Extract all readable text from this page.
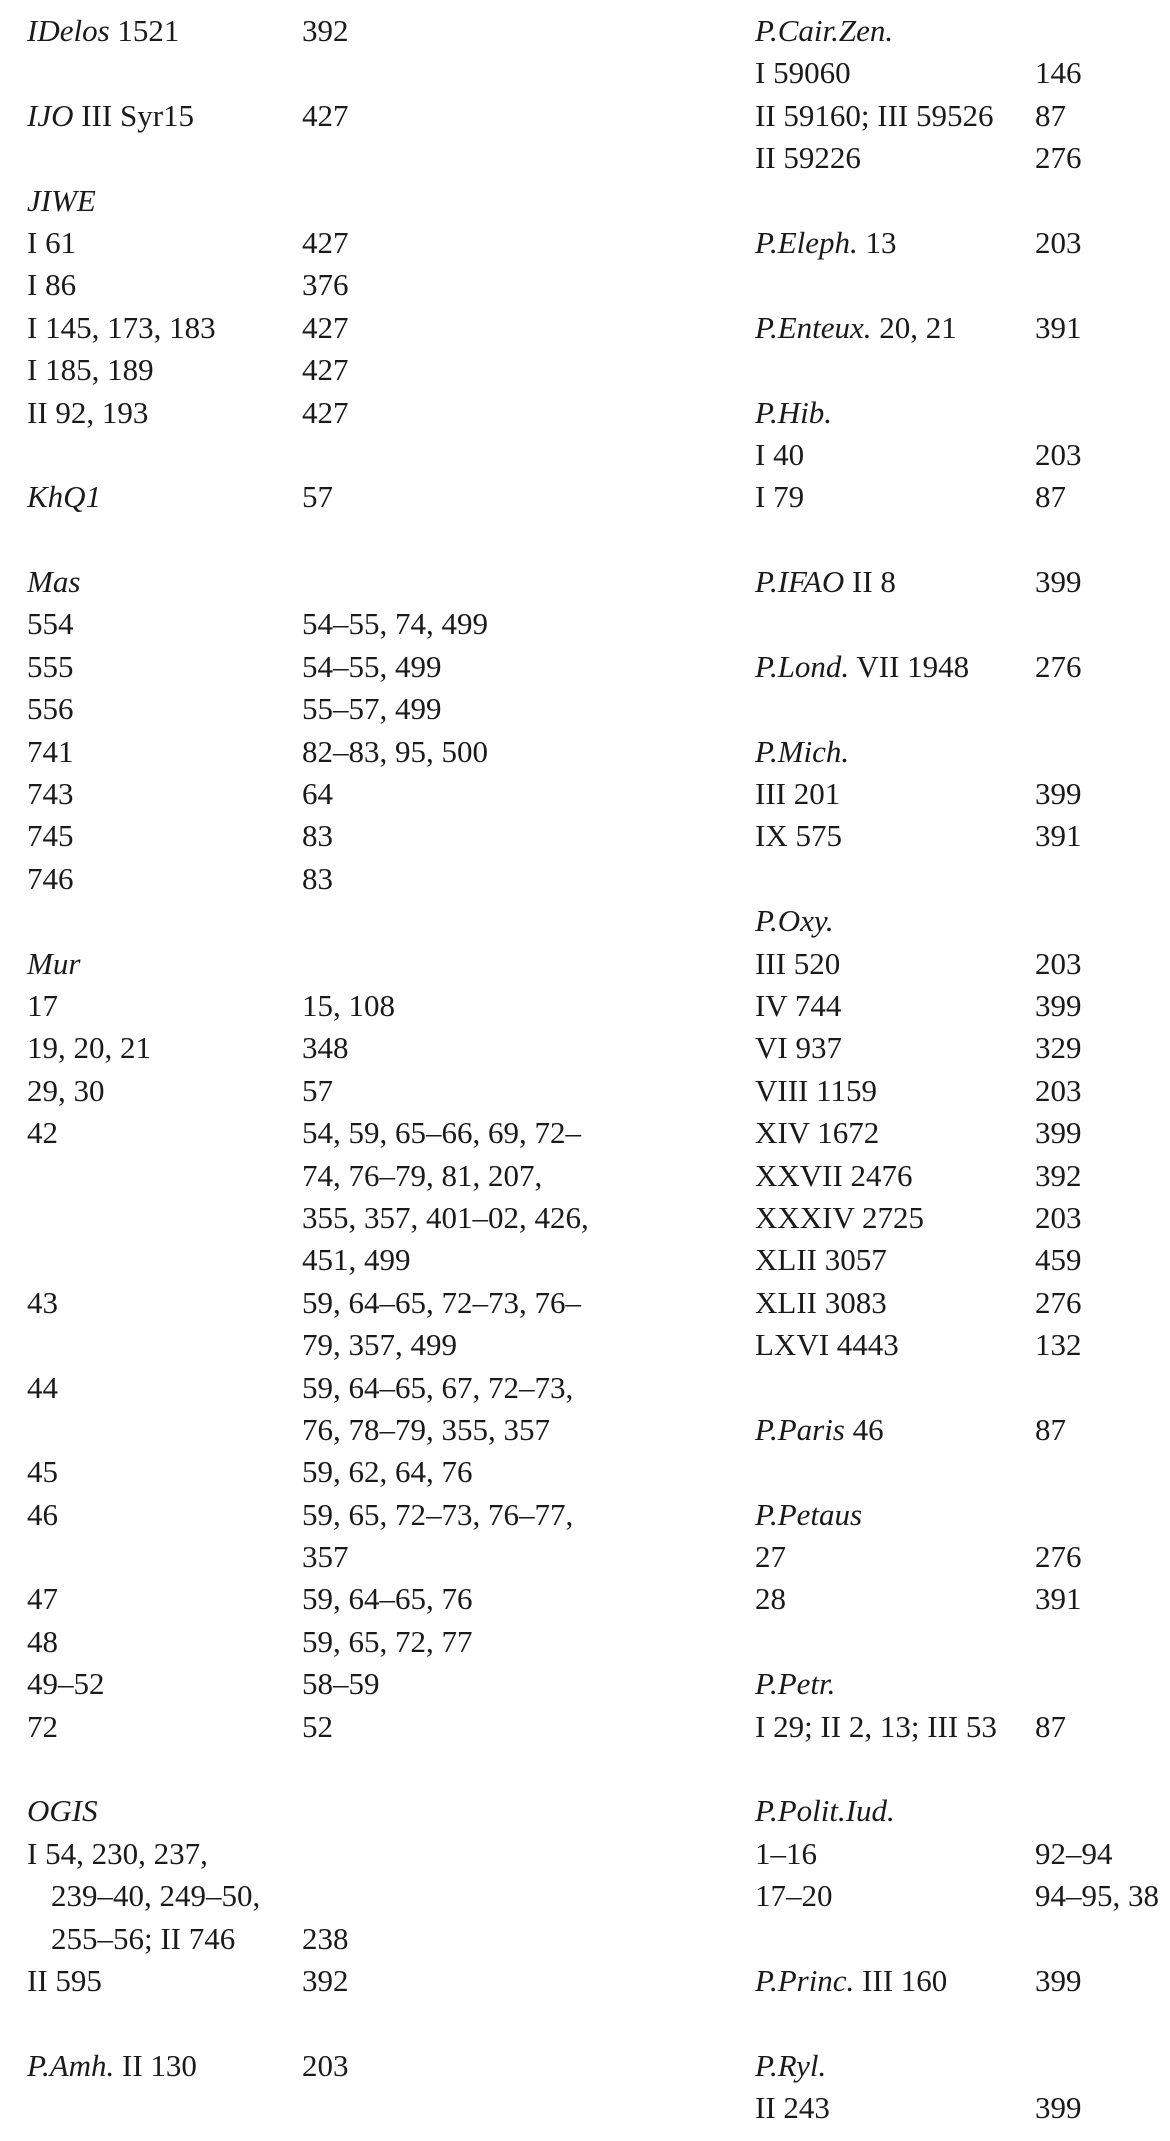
IDelos 1521	392
IJO III Syr15	427
JIWE
I 61	427
I 86	376
I 145, 173, 183	427
I 185, 189	427
II 92, 193	427
KhQ1	57
Mas
554	54–55, 74, 499
555	54–55, 499
556	55–57, 499
741	82–83, 95, 500
743	64
745	83
746	83
Mur
17	15, 108
19, 20, 21	348
29, 30	57
42	54, 59, 65–66, 69, 72–
74, 76–79, 81, 207,
355, 357, 401–02, 426,
451, 499
43	59, 64–65, 72–73, 76–
79, 357, 499
44	59, 64–65, 67, 72–73,
76, 78–79, 355, 357
45	59, 62, 64, 76
46	59, 65, 72–73, 76–77,
357
47	59, 64–65, 76
48	59, 65, 72, 77
49–52	58–59
72	52
OGIS
I 54, 230, 237,
239–40, 249–50,
255–56; II 746 238
II 595	392
P.Amh. II 130	203
P.Cair.Zen.
I 59060	146
II 59160; III 59526 87
II 59226	276
P.Eleph. 13	203
P.Enteux. 20, 21	391
P.Hib.
I 40	203
I 79	87
P.IFAO II 8	399
P.Lond. VII 1948 276
P.Mich.
III 201	399
IX 575	391
P.Oxy.
III 520	203
IV 744	399
VI 937	329
VIII 1159	203
XIV 1672	399
XXVII 2476	392
XXXIV 2725	203
XLII 3057	459
XLII 3083	276
LXVI 4443	132
P.Paris 46	87
P.Petaus
27	276
28	391
P.Petr.
I 29; II 2, 13; III 53 87
P.Polit.Iud.
1–16	92–94
17–20	94–95, 38
P.Princ. III 160	399
P.Ryl.
II 243	399
